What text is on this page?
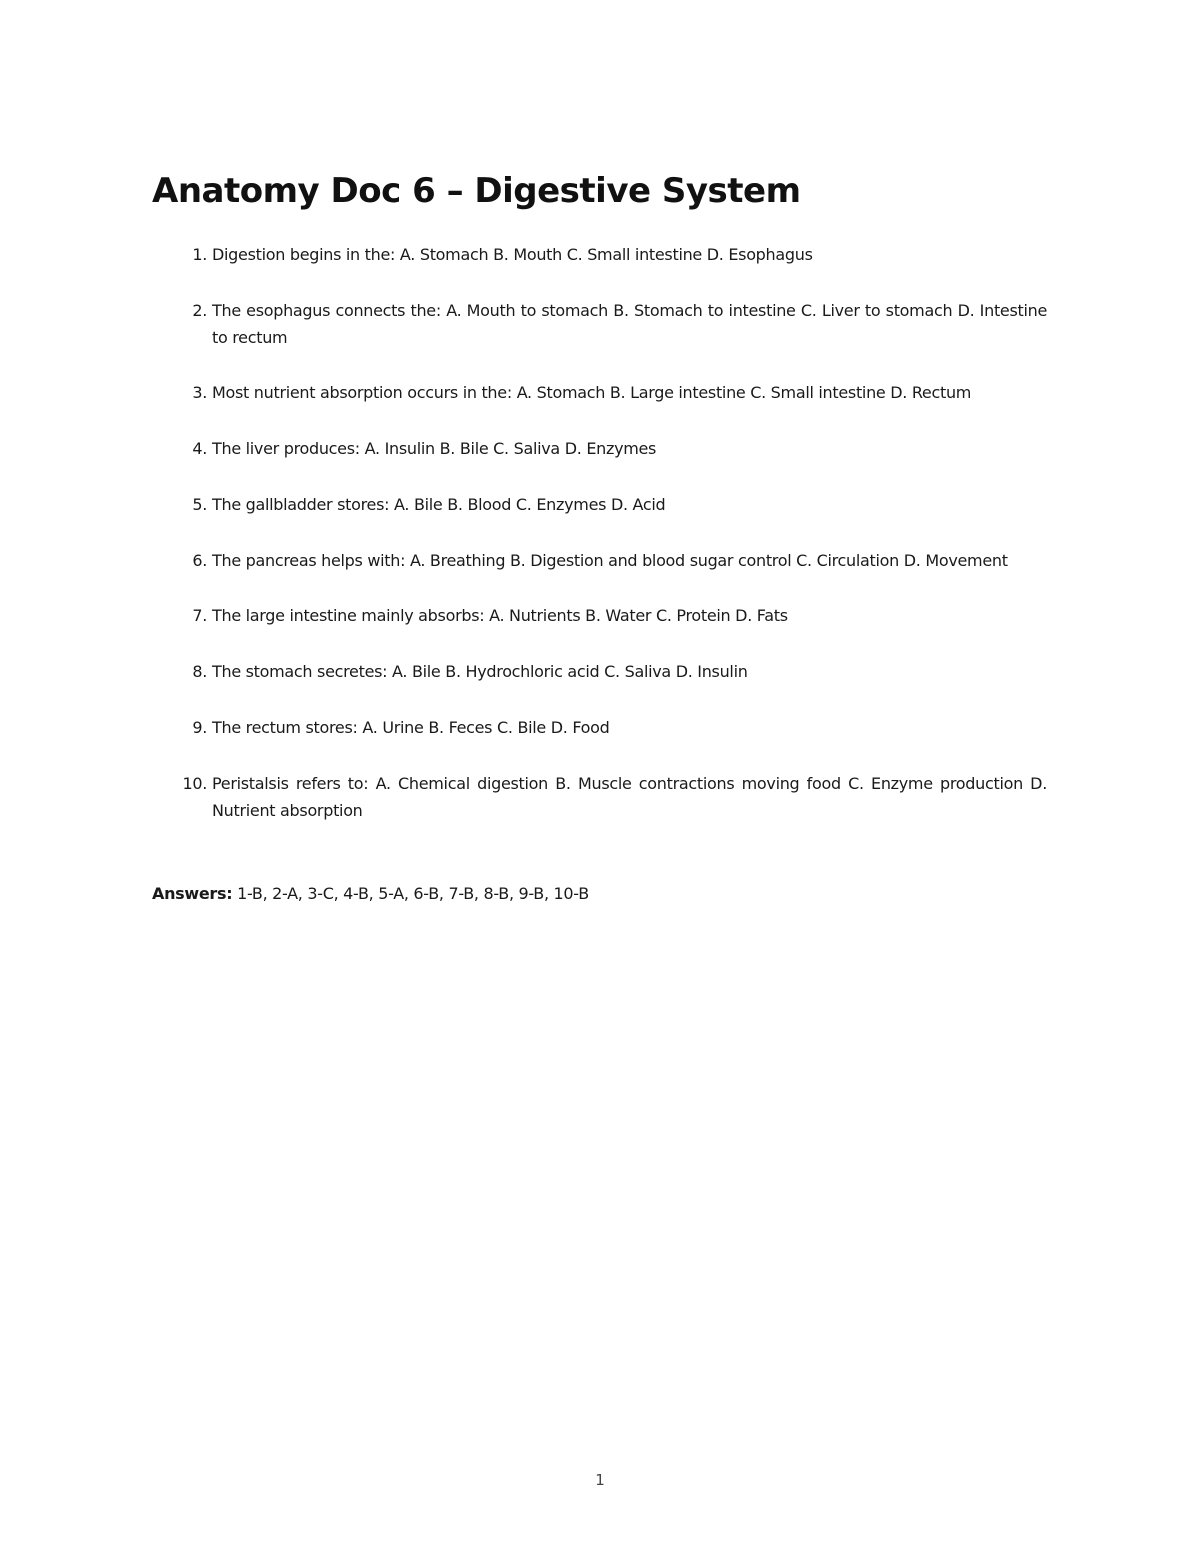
Anatomy Doc 6 – Digestive System
1. Digestion begins in the: A. Stomach B. Mouth C. Small intestine D. Esophagus
2. The esophagus connects the: A. Mouth to stomach B. Stomach to intestine C. Liver to stomach D. Intestine to rectum
3. Most nutrient absorption occurs in the: A. Stomach B. Large intestine C. Small intestine D. Rectum
4. The liver produces: A. Insulin B. Bile C. Saliva D. Enzymes
5. The gallbladder stores: A. Bile B. Blood C. Enzymes D. Acid
6. The pancreas helps with: A. Breathing B. Digestion and blood sugar control C. Circulation D. Movement
7. The large intestine mainly absorbs: A. Nutrients B. Water C. Protein D. Fats
8. The stomach secretes: A. Bile B. Hydrochloric acid C. Saliva D. Insulin
9. The rectum stores: A. Urine B. Feces C. Bile D. Food
10. Peristalsis refers to: A. Chemical digestion B. Muscle contractions moving food C. Enzyme production D. Nutrient absorption
Answers: 1-B, 2-A, 3-C, 4-B, 5-A, 6-B, 7-B, 8-B, 9-B, 10-B
1
